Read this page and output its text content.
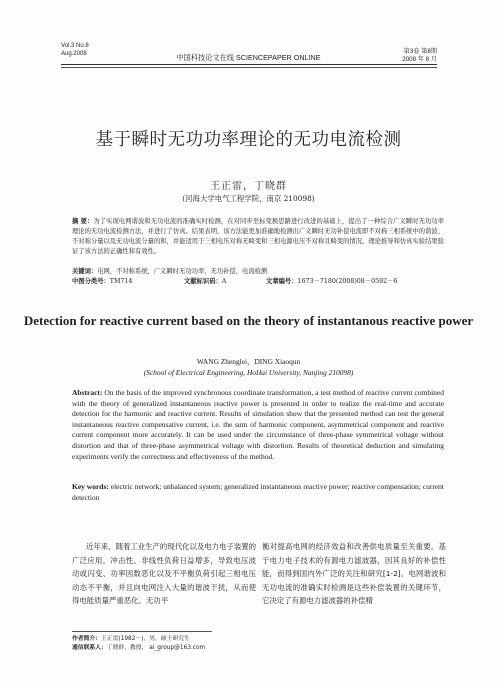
Vol.3 No.8
Aug.2008	中国科技论文在线 SCIENCEPAPER ONLINE
第3卷 第8期
2008 年 8 月
基于瞬时无功功率理论的无功电流检测
王正雷，丁晓群
(河海大学电气工程学院，南京 210098)
摘 要：为了实现电网谐波和无功电流的准确实时检测，在对同步坐标变换思路进行改进的基础上，提出了一种综合广义瞬时无功功率理论的无功电流检测方法，并进行了仿真。结果表明，该方法能更加准确地检测出广义瞬时无功补偿电流即不对称三相系统中的谐波、不对称分量以及无功电流分量的和，并能适用于三相电压对称无畸变和三相电源电压不对称且畸变的情况。理论推导和仿真实验结果验证了该方法的正确性和有效性。
关键词：电网，不对称系统，广义瞬时无功功率，无功补偿，电流检测
中图分类号：TM714	文献标识码：A	文章编号：1673－7180(2008)08－0592－6
Detection for reactive current based on the theory of instantanous reactive power
WANG Zhenglei，DING Xiaoqun
(School of Electrical Engineering, HoHai University, Nanjing 210098)
Abstract: On the basis of the improved synchronous coordinate transformation, a test method of reactive current combined with the theory of generalized instantaneous reactive power is presented in order to realize the real-time and accurate detection for the harmonic and reactive current. Results of simulation show that the presented method can test the general instantaneous reactive compensative current, i.e. the sum of harmonic component, asymmetrical component and reactive current component more accurately. It can be used under the circumstance of three-phase symmetrical voltage without distortion and that of three-phase asymmetrical voltage with distortion. Results of theoretical deduction and simulating experiments verify the correctness and effectiveness of the method.
Key words: electric network; unbalanced system; generalized instantaneous reactive power; reactive compensation; current detection
近年来，随着工业生产的现代化以及电力电子装置的广泛应用，冲击性、非线性负荷日益增多，导致电压波动或闪变、功率因数恶化以及不平衡负荷引起三相电压动态不平衡，并且向电网注入大量的谐波干扰，从而使得电能质量严重恶化。无功平
衡对提高电网的经济效益和改善供电质量至关重要。基于电力电子技术的有源电力滤波器，因其良好的补偿性能，而得到国内外广泛的关注和研究[1-2]。电网谐波和无功电流的准确实时检测是这些补偿装置的关键环节，它决定了有源电力滤波器的补偿精
作者简介：王正雷(1982－)，男，硕士研究生
通信联系人：丁晓群，教授， ai_group@163.com
